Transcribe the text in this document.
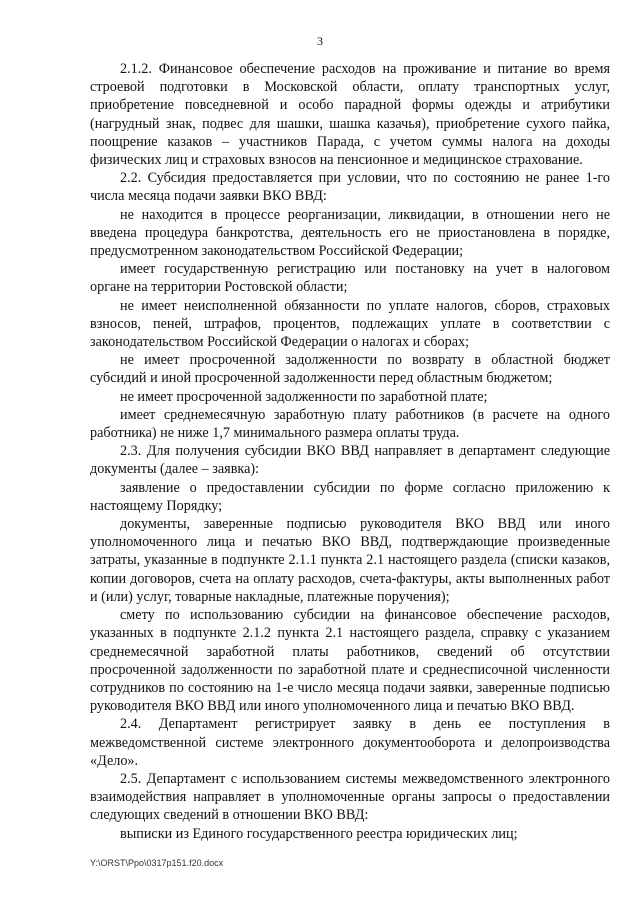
3

2.1.2. Финансовое обеспечение расходов на проживание и питание во время строевой подготовки в Московской области, оплату транспортных услуг, приобретение повседневной и особо парадной формы одежды и атрибутики (нагрудный знак, подвес для шашки, шашка казачья), приобретение сухого пайка, поощрение казаков – участников Парада, с учетом суммы налога на доходы физических лиц и страховых взносов на пенсионное и медицинское страхование.

2.2. Субсидия предоставляется при условии, что по состоянию не ранее 1-го числа месяца подачи заявки ВКО ВВД:

не находится в процессе реорганизации, ликвидации, в отношении него не введена процедура банкротства, деятельность его не приостановлена в порядке, предусмотренном законодательством Российской Федерации;

имеет государственную регистрацию или постановку на учет в налоговом органе на территории Ростовской области;

не имеет неисполненной обязанности по уплате налогов, сборов, страховых взносов, пеней, штрафов, процентов, подлежащих уплате в соответствии с законодательством Российской Федерации о налогах и сборах;

не имеет просроченной задолженности по возврату в областной бюджет субсидий и иной просроченной задолженности перед областным бюджетом;

не имеет просроченной задолженности по заработной плате;

имеет среднемесячную заработную плату работников (в расчете на одного работника) не ниже 1,7 минимального размера оплаты труда.

2.3. Для получения субсидии ВКО ВВД направляет в департамент следующие документы (далее – заявка):

заявление о предоставлении субсидии по форме согласно приложению к настоящему Порядку;

документы, заверенные подписью руководителя ВКО ВВД или иного уполномоченного лица и печатью ВКО ВВД, подтверждающие произведенные затраты, указанные в подпункте 2.1.1 пункта 2.1 настоящего раздела (списки казаков, копии договоров, счета на оплату расходов, счета-фактуры, акты выполненных работ и (или) услуг, товарные накладные, платежные поручения);

смету по использованию субсидии на финансовое обеспечение расходов, указанных в подпункте 2.1.2 пункта 2.1 настоящего раздела, справку с указанием среднемесячной заработной платы работников, сведений об отсутствии просроченной задолженности по заработной плате и среднесписочной численности сотрудников по состоянию на 1-е число месяца подачи заявки, заверенные подписью руководителя ВКО ВВД или иного уполномоченного лица и печатью ВКО ВВД.

2.4. Департамент регистрирует заявку в день ее поступления в межведомственной системе электронного документооборота и делопроизводства «Дело».

2.5. Департамент с использованием системы межведомственного электронного взаимодействия направляет в уполномоченные органы запросы о предоставлении следующих сведений в отношении ВКО ВВД:

выписки из Единого государственного реестра юридических лиц;

Y:\ORST\Ppo\0317p151.f20.docx
